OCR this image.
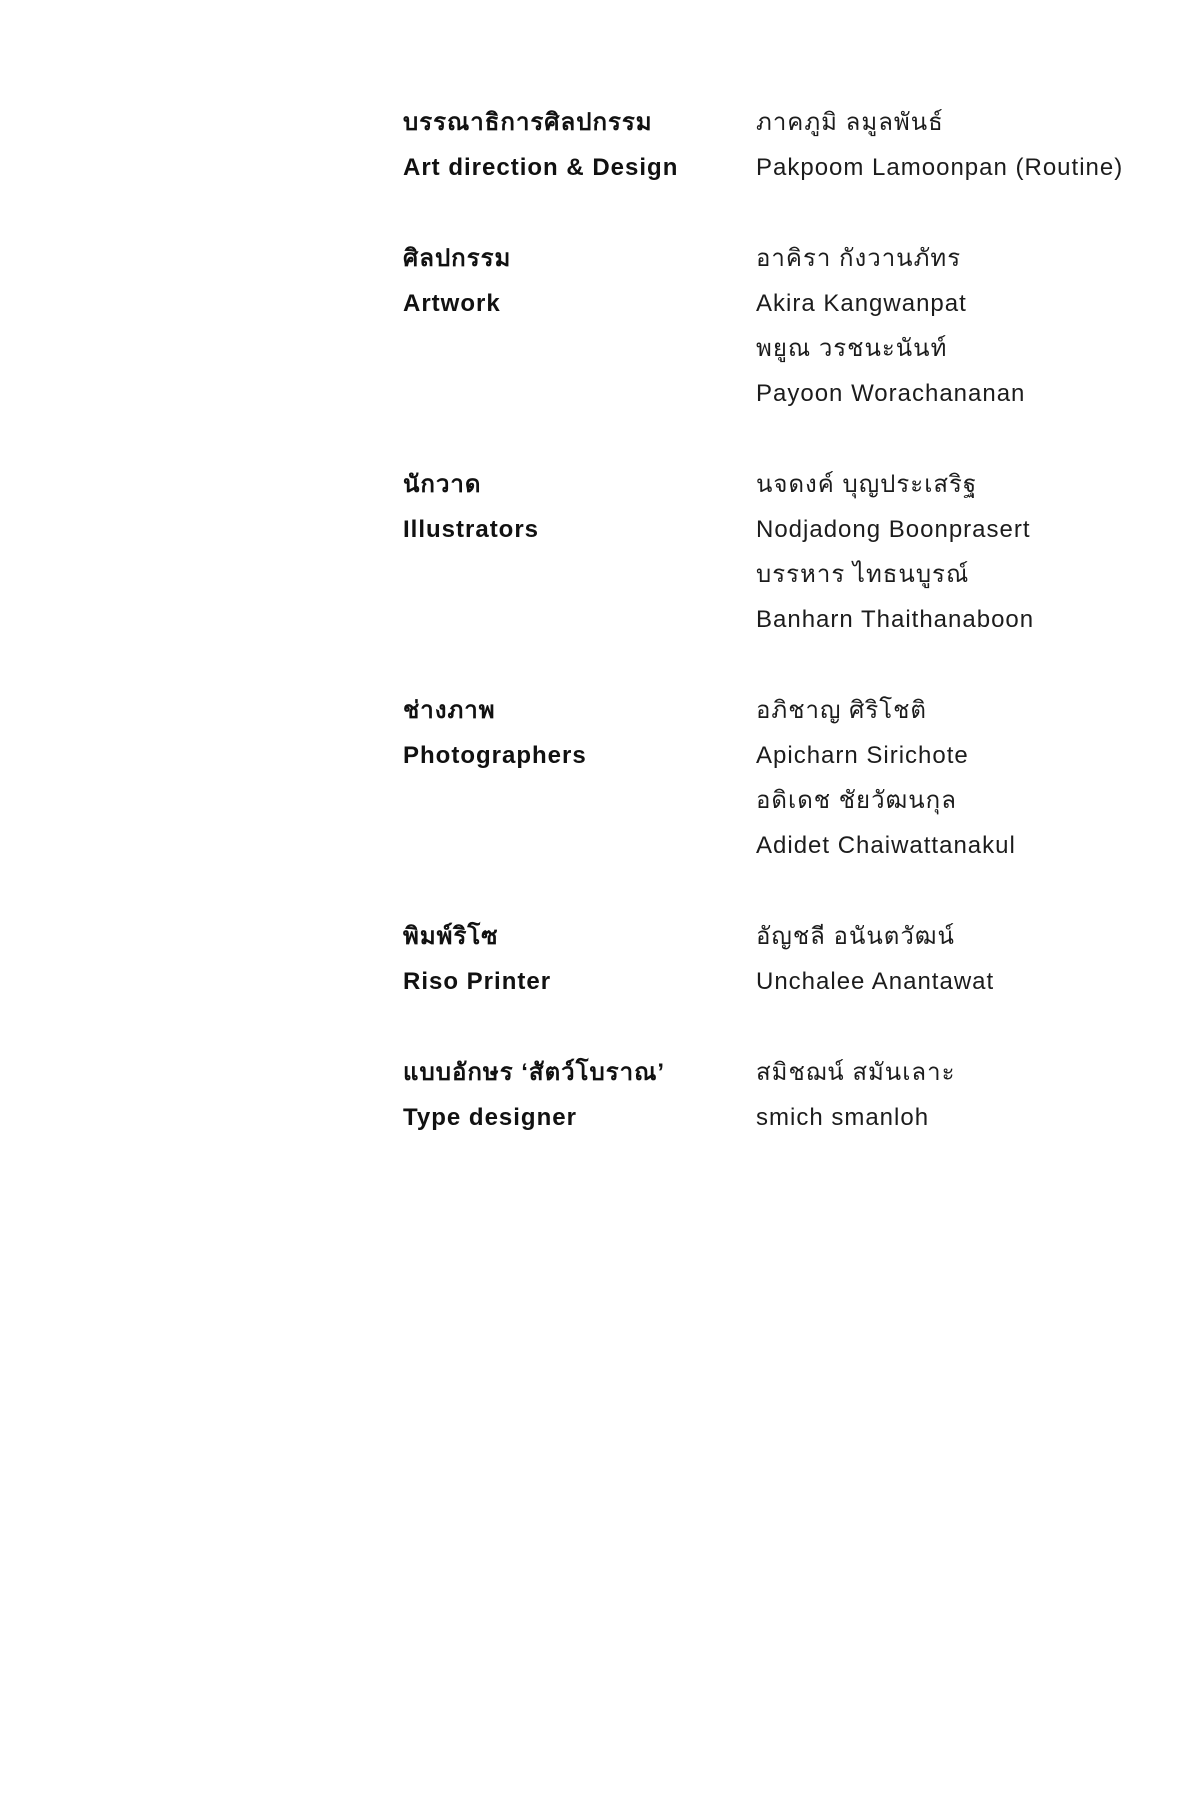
บรรณาธิการศิลปกรรม
Art direction & Design
ภาคภูมิ ลมูลพันธ์
Pakpoom Lamoonpan (Routine)
ศิลปกรรม
Artwork
อาคิรา กังวานภัทร
Akira Kangwanpat
พยูณ วรชนะนันท์
Payoon Worachananan
นักวาด
Illustrators
นจดงค์ บุญประเสริฐ
Nodjadong Boonprasert
บรรหาร ไทธนบูรณ์
Banharn Thaithanaboon
ช่างภาพ
Photographers
อภิชาญ ศิริโชติ
Apicharn Sirichote
อดิเดช ชัยวัฒนกุล
Adidet Chaiwattanakul
พิมพ์ริโซ
Riso Printer
อัญชลี อนันตวัฒน์
Unchalee Anantawat
แบบอักษร ‘สัตว์โบราณ’
Type designer
สมิชฌน์ สมันเลาะ
smich smanloh
